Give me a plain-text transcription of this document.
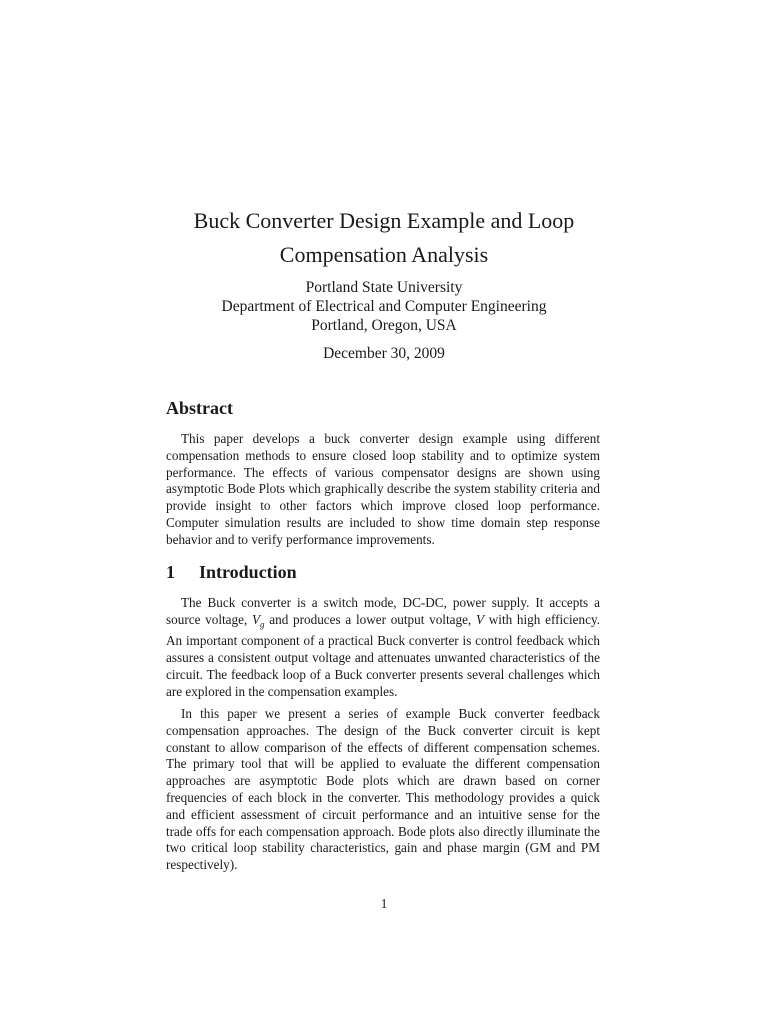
Buck Converter Design Example and Loop
Compensation Analysis
Portland State University
Department of Electrical and Computer Engineering
Portland, Oregon, USA
December 30, 2009
Abstract

This paper develops a buck converter design example using different compensation methods to ensure closed loop stability and to optimize system performance. The effects of various compensator designs are shown using asymptotic Bode Plots which graphically describe the system stability criteria and provide insight to other factors which improve closed loop performance. Computer simulation results are included to show time domain step response behavior and to verify performance improvements.

1 Introduction

The Buck converter is a switch mode, DC-DC, power supply. It accepts a source voltage, $V_g$ and produces a lower output voltage, V with high efficiency. An important component of a practical Buck converter is control feedback which assures a consistent output voltage and attenuates unwanted characteristics of the circuit. The feedback loop of a Buck converter presents several challenges which are explored in the compensation examples.

In this paper we present a series of example Buck converter feedback compensation approaches. The design of the Buck converter circuit is kept constant to allow comparison of the effects of different compensation schemes. The primary tool that will be applied to evaluate the different compensation approaches are asymptotic Bode plots which are drawn based on corner frequencies of each block in the converter. This methodology provides a quick and efficient assessment of circuit performance and an intuitive sense for the trade offs for each compensation approach. Bode plots also directly illuminate the two critical loop stability characteristics, gain and phase margin (GM and PM respectively).

1
